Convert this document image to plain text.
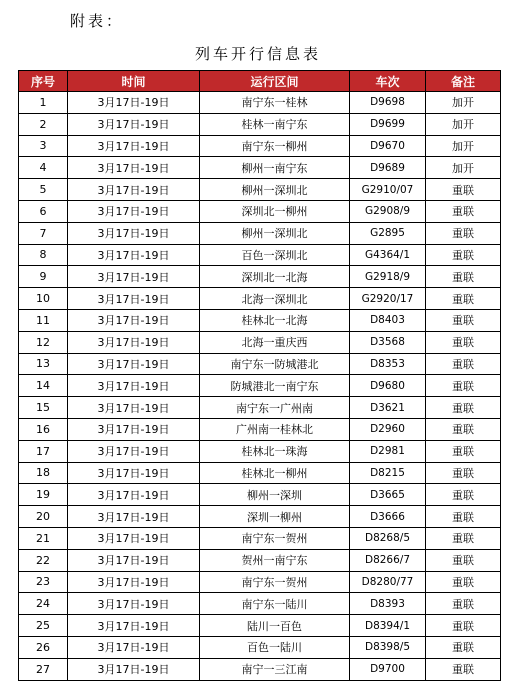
附表：
列车开行信息表
序号	时间	运行区间	车次	备注
1	3月17日-19日	南宁东一桂林	D9698	加开
2	3月17日-19日	桂林一南宁东	D9699	加开
3	3月17日-19日	南宁东一柳州	D9670	加开
4	3月17日-19日	柳州一南宁东	D9689	加开
5	3月17日-19日	柳州一深圳北	G2910/07	重联
6	3月17日-19日	深圳北一柳州	G2908/9	重联
7	3月17日-19日	柳州一深圳北	G2895	重联
8	3月17日-19日	百色一深圳北	G4364/1	重联
9	3月17日-19日	深圳北一北海	G2918/9	重联
10	3月17日-19日	北海一深圳北	G2920/17	重联
11	3月17日-19日	桂林北一北海	D8403	重联
12	3月17日-19日	北海一重庆西	D3568	重联
13	3月17日-19日	南宁东一防城港北	D8353	重联
14	3月17日-19日	防城港北一南宁东	D9680	重联
15	3月17日-19日	南宁东一广州南	D3621	重联
16	3月17日-19日	广州南一桂林北	D2960	重联
17	3月17日-19日	桂林北一珠海	D2981	重联
18	3月17日-19日	桂林北一柳州	D8215	重联
19	3月17日-19日	柳州一深圳	D3665	重联
20	3月17日-19日	深圳一柳州	D3666	重联
21	3月17日-19日	南宁东一贺州	D8268/5	重联
22	3月17日-19日	贺州一南宁东	D8266/7	重联
23	3月17日-19日	南宁东一贺州	D8280/77	重联
24	3月17日-19日	南宁东一陆川	D8393	重联
25	3月17日-19日	陆川一百色	D8394/1	重联
26	3月17日-19日	百色一陆川	D8398/5	重联
27	3月17日-19日	南宁一三江南	D9700	重联
